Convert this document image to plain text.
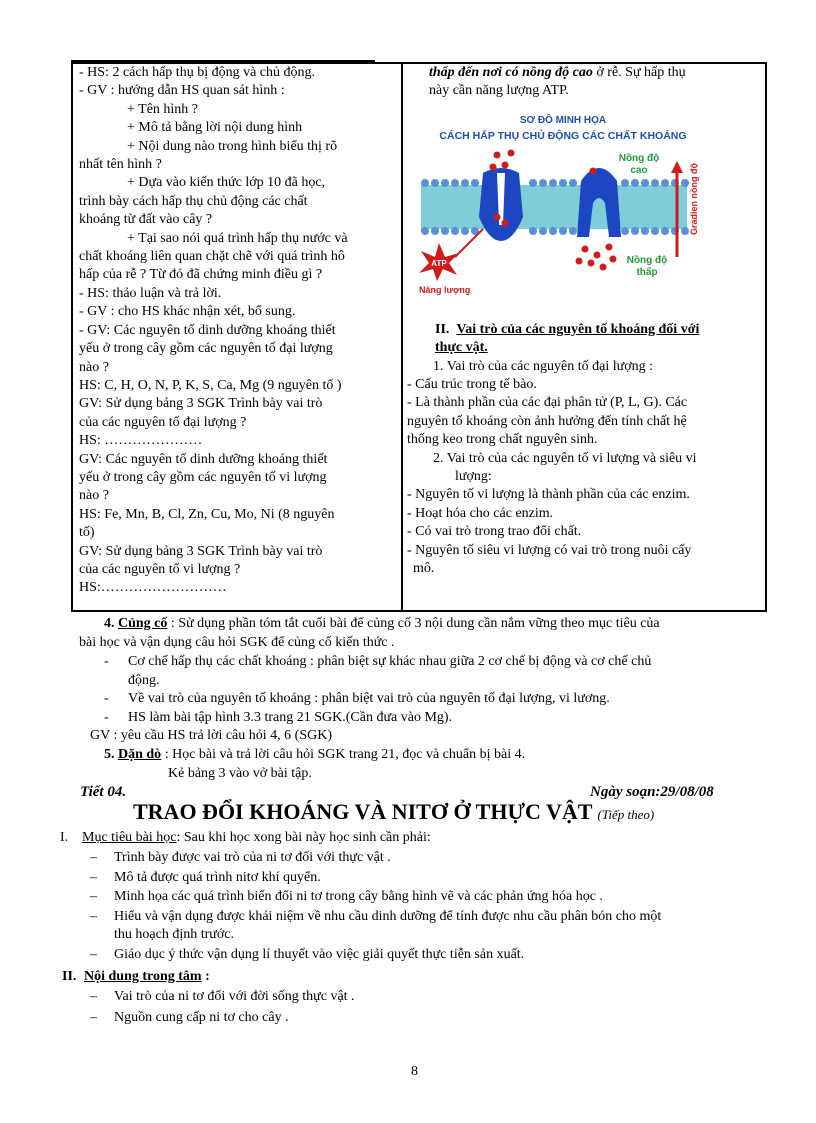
- HS: 2 cách hấp thụ bị động và chủ động.
- GV : hướng dẫn HS quan sát hình :
+ Tên hình ?
+ Mô tả bằng lời nội dung hình
+ Nội dung nào trong hình biểu thị rõ
nhất tên hình ?
+ Dựa vào kiến thức lớp 10 đã học,
trình bày cách hấp thụ chủ động các chất
khoáng từ đất vào cây ?
+ Tại sao nói quá trình hấp thụ nước và
chất khoáng liên quan chặt chẽ với quá trình hô
hấp của rễ ? Từ đó đã chứng minh điều gì ?
- HS: thảo luận và trả lời.
- GV : cho HS khác nhận xét, bổ sung.
- GV: Các nguyên tố dinh dưỡng khoáng thiết
yếu ở trong cây gồm các nguyên tố đại lượng
nào ?
HS: C, H, O, N, P, K, S, Ca, Mg (9 nguyên tố )
GV: Sử dụng bảng 3 SGK Trình bày vai trò
của các nguyên tố đại lượng ?
HS: …………………
GV: Các nguyên tố dinh dưỡng khoáng thiết
yếu ở trong cây gồm các nguyên tố vi lượng
nào ?
HS: Fe, Mn, B, Cl, Zn, Cu, Mo, Ni (8 nguyên
tố)
GV: Sử dụng bảng 3 SGK Trình bày vai trò
của các nguyên tố vi lượng ?
HS:………………………
thấp đến nơi có nồng độ cao ở rễ. Sự hấp thụ
này cần năng lượng ATP.
SƠ ĐỒ MINH HỌA
CÁCH HẤP THỤ CHỦ ĐỘNG CÁC CHẤT KHOÁNG
Gradien nồng độ
Nồng độ
cao
Nồng độ
thấp
ATP
Năng lượng
II. Vai trò của các nguyên tố khoáng đối với
thực vật.
1. Vai trò của các nguyên tố đại lượng :
- Cấu trúc trong tế bào.
- Là thành phần của các đại phân tử (P, L, G). Các
nguyên tố khoáng còn ảnh hưởng đến tính chất hệ
thống keo trong chất nguyên sinh.
2. Vai trò của các nguyên tố vi lượng và siêu vi
lượng:
- Nguyên tố vi lượng là thành phần của các enzim.
- Hoạt hóa cho các enzim.
- Có vai trò trong trao đổi chất.
- Nguyên tố siêu vi lượng có vai trò trong nuôi cấy
mô.
4. Củng cố : Sử dụng phần tóm tắt cuối bài để củng cố 3 nội dung cần nắm vững theo mục tiêu của
bài học và vận dụng câu hỏi SGK để củng cố kiến thức .
- Cơ chế hấp thụ các chất khoáng : phân biệt sự khác nhau giữa 2 cơ chế bị động và cơ chế chủ
động.
- Về vai trò của nguyên tố khoáng : phân biệt vai trò của nguyên tố đại lượng, vi lương.
- HS làm bài tập hình 3.3 trang 21 SGK.(Cần đưa vào Mg).
GV : yêu cầu HS trả lời câu hỏi 4, 6 (SGK)
5. Dặn dò : Học bài và trả lời câu hỏi SGK trang 21, đọc và chuẩn bị bài 4.
Kẻ bảng 3 vào vở bài tập.
Tiết 04.	Ngày soạn:29/08/08
TRAO ĐỔI KHOÁNG VÀ NITƠ Ở THỰC VẬT (Tiếp theo)
I. Mục tiêu bài học: Sau khi học xong bài này học sinh cần phải:
– Trình bày được vai trò của ni tơ đối với thực vật .
– Mô tả được quá trình nitơ khí quyển.
– Minh họa các quá trình biến đổi ni tơ trong cây bằng hình vẽ và các phản ứng hóa học .
– Hiểu và vận dụng được khái niệm về nhu cầu dinh dưỡng để tính được nhu cầu phân bón cho một
thu hoạch định trước.
– Giáo dục ý thức vận dụng lí thuyết vào việc giải quyết thực tiễn sản xuất.
II. Nội dung trong tâm :
– Vai trò của ni tơ đối với đời sống thực vật .
– Nguồn cung cấp ni tơ cho cây .
8
